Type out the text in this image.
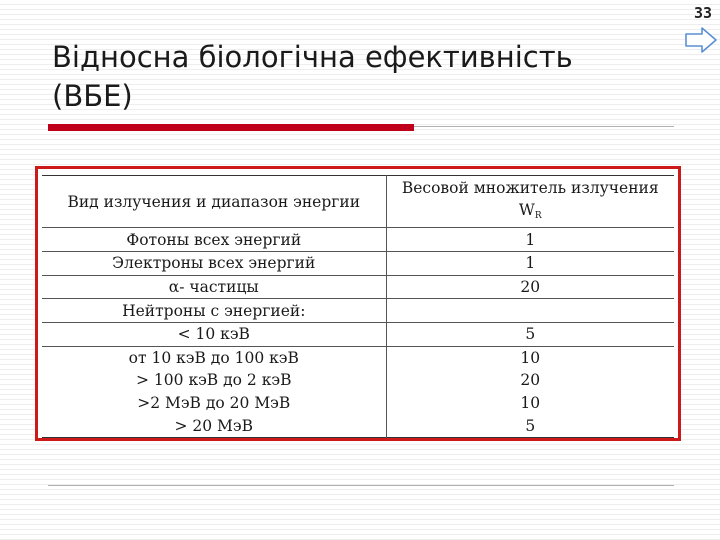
33
Відносна біологічна ефективність
(ВБЕ)
Вид излучения и диапазон энергии	Весовой множитель излучения
$W_R$

Фотоны всех энергий	1
Электроны всех энергий	1
α- частицы	20
Нейтроны с энергией:	
< 10 кэВ	5
от 10 кэВ до 100 кэВ	10
> 100 кэВ до 2 кэВ	20
>2 МэВ до 20 МэВ	10
> 20 МэВ	5
